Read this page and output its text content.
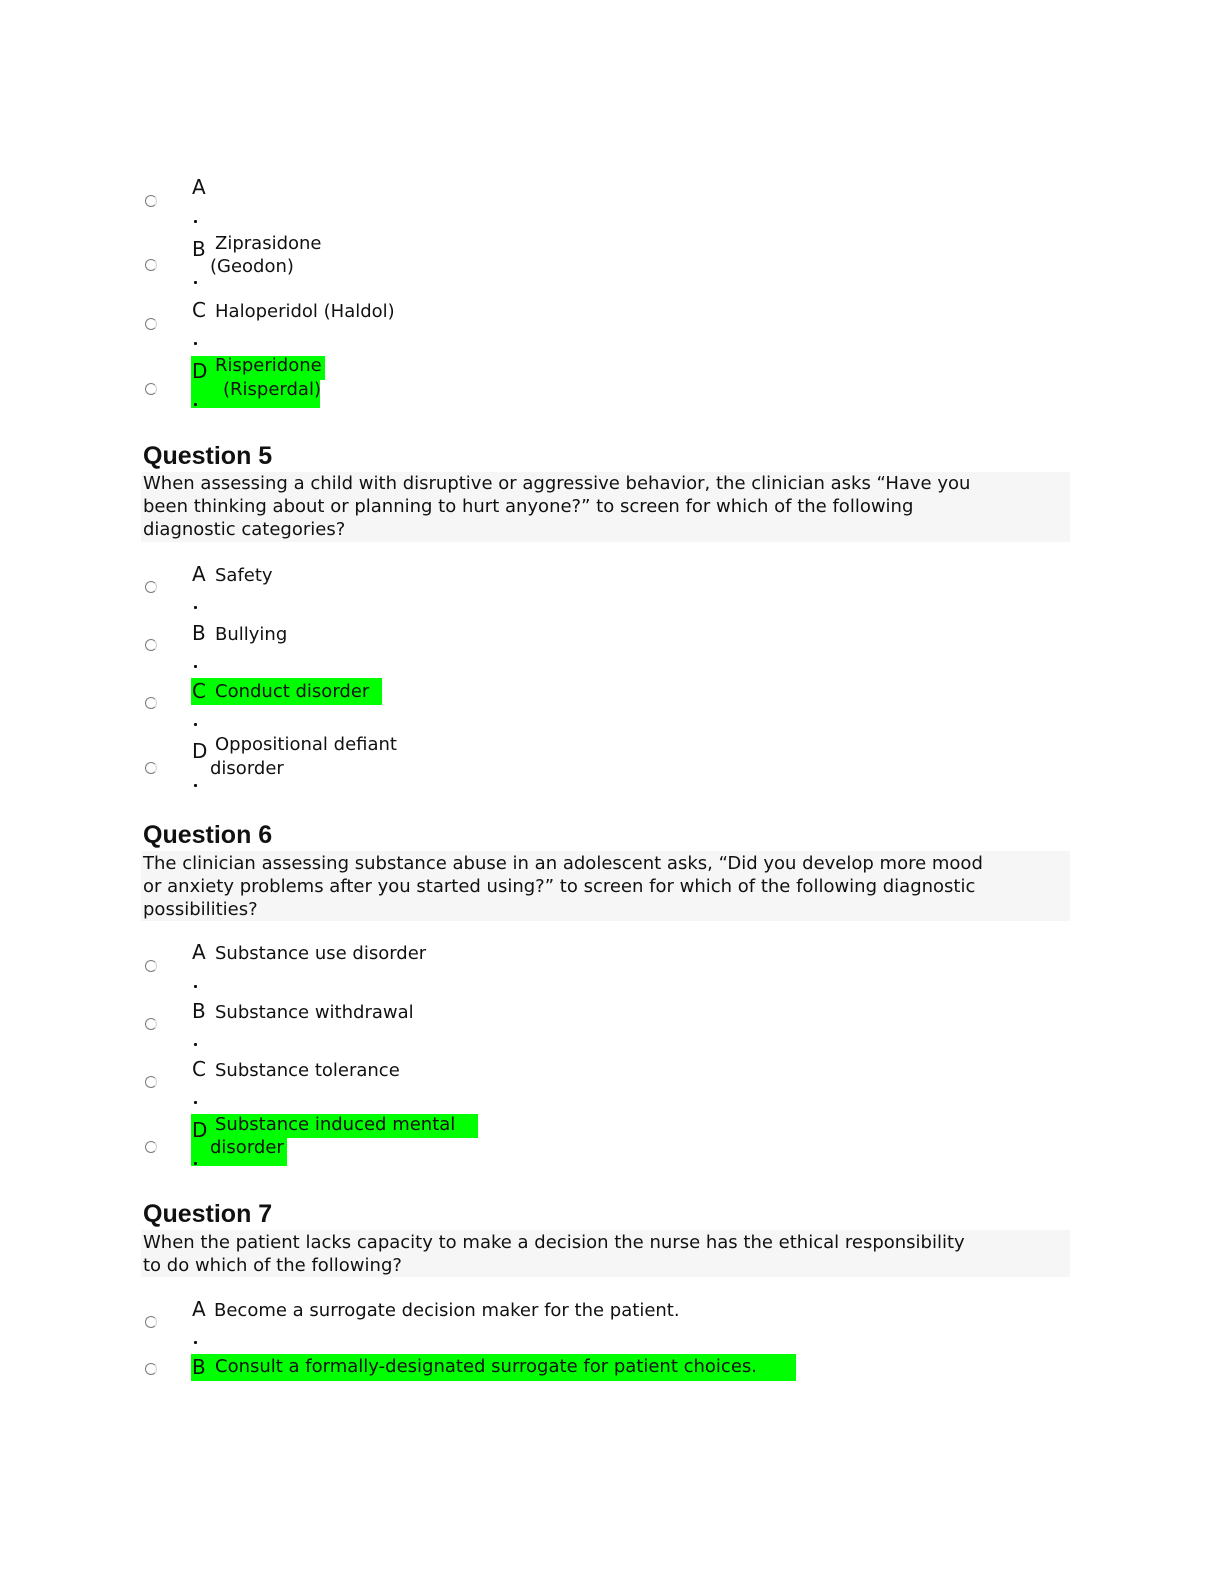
A
B Ziprasidone
(Geodon)
C Haloperidol (Haldol)
D Risperidone
(Risperdal)
Question 5
When assessing a child with disruptive or aggressive behavior, the clinician asks “Have you
been thinking about or planning to hurt anyone?” to screen for which of the following
diagnostic categories?
A Safety
B Bullying
C Conduct disorder
D Oppositional defiant
disorder
Question 6
The clinician assessing substance abuse in an adolescent asks, “Did you develop more mood
or anxiety problems after you started using?” to screen for which of the following diagnostic
possibilities?
A Substance use disorder
B Substance withdrawal
C Substance tolerance
D Substance induced mental
disorder
Question 7
When the patient lacks capacity to make a decision the nurse has the ethical responsibility
to do which of the following?
A Become a surrogate decision maker for the patient.
B Consult a formally-designated surrogate for patient choices.
